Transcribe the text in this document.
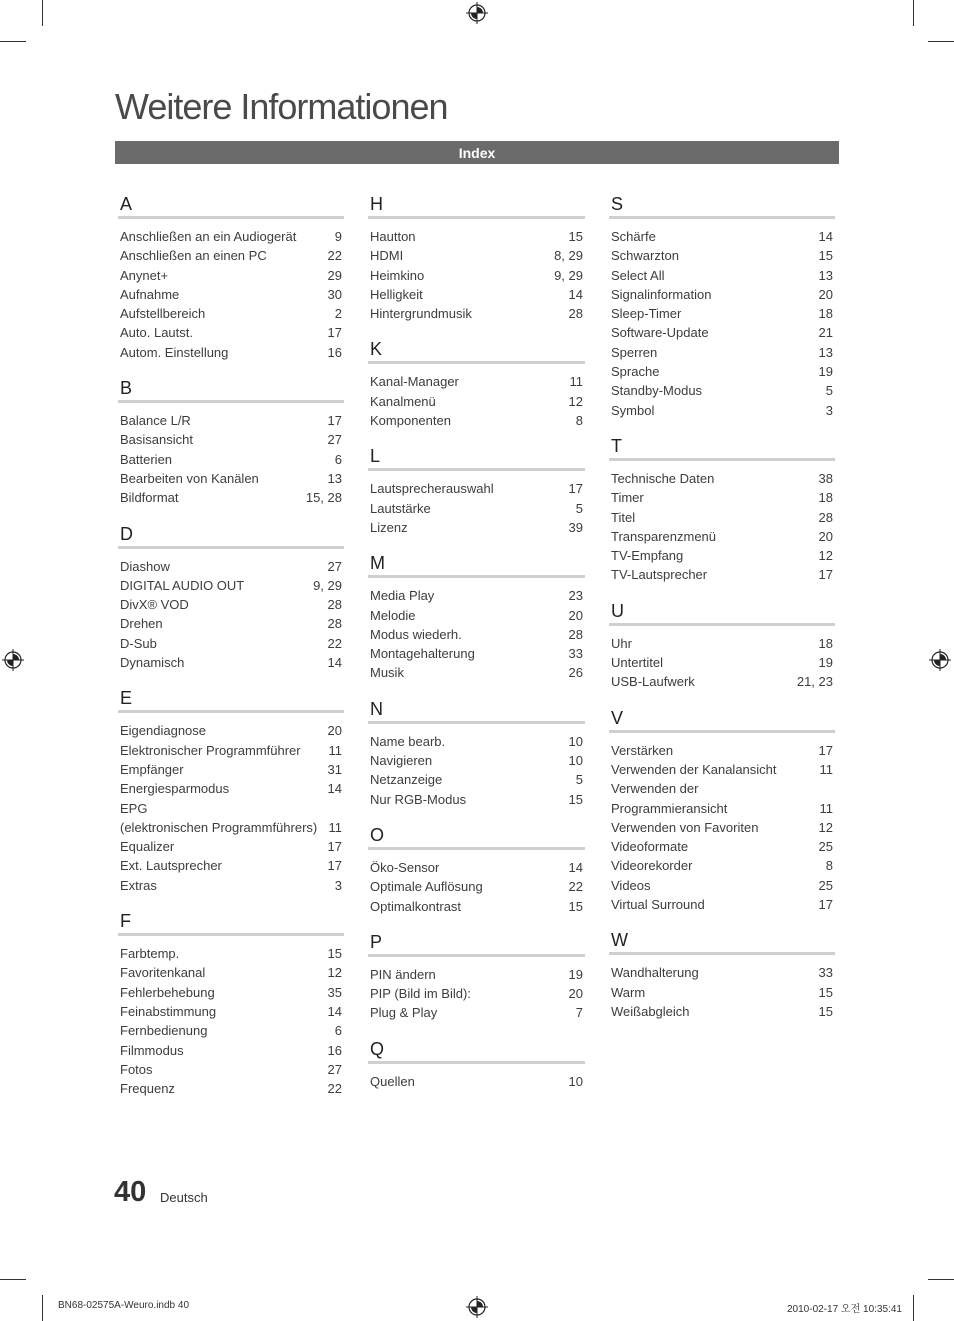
Weitere Informationen
Index
A
Anschließen an ein Audiogerät	9
Anschließen an einen PC	22
Anynet+	29
Aufnahme	30
Aufstellbereich	2
Auto. Lautst.	17
Autom. Einstellung	16
B
Balance L/R	17
Basisansicht	27
Batterien	6
Bearbeiten von Kanälen	13
Bildformat	15, 28
D
Diashow	27
DIGITAL AUDIO OUT	9, 29
DivX® VOD	28
Drehen	28
D-Sub	22
Dynamisch	14
E
Eigendiagnose	20
Elektronischer Programmführer	11
Empfänger	31
Energiesparmodus	14
EPG
(elektronischen Programmführers) 11
Equalizer	17
Ext. Lautsprecher	17
Extras	3
F
Farbtemp.	15
Favoritenkanal	12
Fehlerbehebung	35
Feinabstimmung	14
Fernbedienung	6
Filmmodus	16
Fotos	27
Frequenz	22
H
Hautton	15
HDMI	8, 29
Heimkino	9, 29
Helligkeit	14
Hintergrundmusik	28
K
Kanal-Manager	11
Kanalmenü	12
Komponenten	8
L
Lautsprecherauswahl	17
Lautstärke	5
Lizenz	39
M
Media Play	23
Melodie	20
Modus wiederh.	28
Montagehalterung	33
Musik	26
N
Name bearb.	10
Navigieren	10
Netzanzeige	5
Nur RGB-Modus	15
O
Öko-Sensor	14
Optimale Auflösung	22
Optimalkontrast	15
P
PIN ändern	19
PIP (Bild im Bild):	20
Plug & Play	7
Q
Quellen	10
S
Schärfe	14
Schwarzton	15
Select All	13
Signalinformation	20
Sleep-Timer	18
Software-Update	21
Sperren	13
Sprache	19
Standby-Modus	5
Symbol	3
T
Technische Daten	38
Timer	18
Titel	28
Transparenzmenü	20
TV-Empfang	12
TV-Lautsprecher	17
U
Uhr	18
Untertitel	19
USB-Laufwerk	21, 23
V
Verstärken	17
Verwenden der Kanalansicht	11
Verwenden der Programmieransicht	11
Verwenden von Favoriten	12
Videoformate	25
Videorekorder	8
Videos	25
Virtual Surround	17
W
Wandhalterung	33
Warm	15
Weißabgleich	15
40 Deutsch
BN68-02575A-Weuro.indb 40	2010-02-17 오전 10:35:41
